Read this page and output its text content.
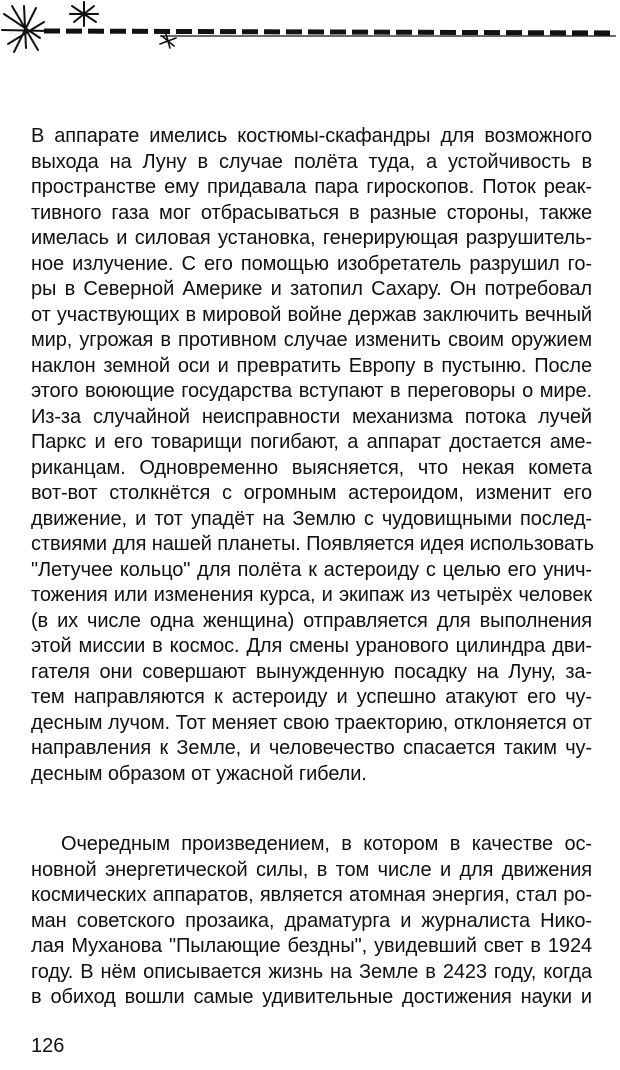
В аппарате имелись костюмы-скафандры для возможного
выхода на Луну в случае полёта туда, а устойчивость в
пространстве ему придавала пара гироскопов. Поток реак-
тивного газа мог отбрасываться в разные стороны, также
имелась и силовая установка, генерирующая разрушитель-
ное излучение. С его помощью изобретатель разрушил го-
ры в Северной Америке и затопил Сахару. Он потребовал
от участвующих в мировой войне держав заключить вечный
мир, угрожая в противном случае изменить своим оружием
наклон земной оси и превратить Европу в пустыню. После
этого воюющие государства вступают в переговоры о мире.
Из-за случайной неисправности механизма потока лучей
Паркс и его товарищи погибают, а аппарат достается аме-
риканцам. Одновременно выясняется, что некая комета
вот-вот столкнётся с огромным астероидом, изменит его
движение, и тот упадёт на Землю с чудовищными послед-
ствиями для нашей планеты. Появляется идея использовать
"Летучее кольцо" для полёта к астероиду с целью его унич-
тожения или изменения курса, и экипаж из четырёх человек
(в их числе одна женщина) отправляется для выполнения
этой миссии в космос. Для смены уранового цилиндра дви-
гателя они совершают вынужденную посадку на Луну, за-
тем направляются к астероиду и успешно атакуют его чу-
десным лучом. Тот меняет свою траекторию, отклоняется от
направления к Земле, и человечество спасается таким чу-
десным образом от ужасной гибели.
Очередным произведением, в котором в качестве ос-
новной энергетической силы, в том числе и для движения
космических аппаратов, является атомная энергия, стал ро-
ман советского прозаика, драматурга и журналиста Нико-
лая Муханова "Пылающие бездны", увидевший свет в 1924
году. В нём описывается жизнь на Земле в 2423 году, когда
в обиход вошли самые удивительные достижения науки и

126
